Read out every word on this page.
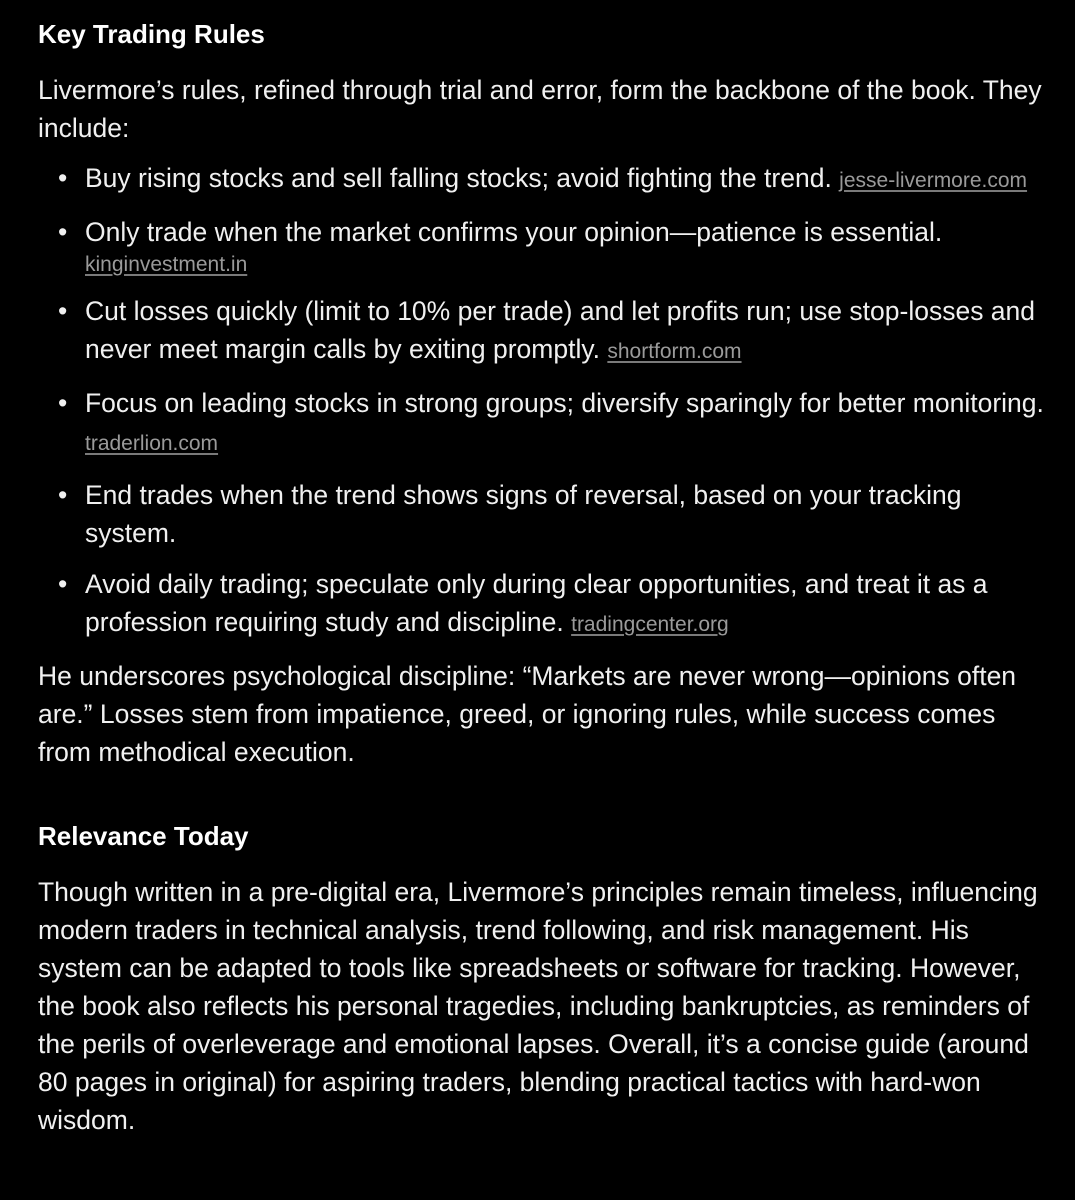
Key Trading Rules

Livermore’s rules, refined through trial and error, form the backbone of the book. They include:

• Buy rising stocks and sell falling stocks; avoid fighting the trend. jesse-livermore.com
• Only trade when the market confirms your opinion—patience is essential.
kinginvestment.in
• Cut losses quickly (limit to 10% per trade) and let profits run; use stop-losses and never meet margin calls by exiting promptly. shortform.com
• Focus on leading stocks in strong groups; diversify sparingly for better monitoring. traderlion.com
• End trades when the trend shows signs of reversal, based on your tracking system.
• Avoid daily trading; speculate only during clear opportunities, and treat it as a profession requiring study and discipline. tradingcenter.org

He underscores psychological discipline: “Markets are never wrong—opinions often are.” Losses stem from impatience, greed, or ignoring rules, while success comes from methodical execution.

Relevance Today

Though written in a pre-digital era, Livermore’s principles remain timeless, influencing modern traders in technical analysis, trend following, and risk management. His system can be adapted to tools like spreadsheets or software for tracking. However, the book also reflects his personal tragedies, including bankruptcies, as reminders of the perils of overleverage and emotional lapses. Overall, it’s a concise guide (around 80 pages in original) for aspiring traders, blending practical tactics with hard-won wisdom.
